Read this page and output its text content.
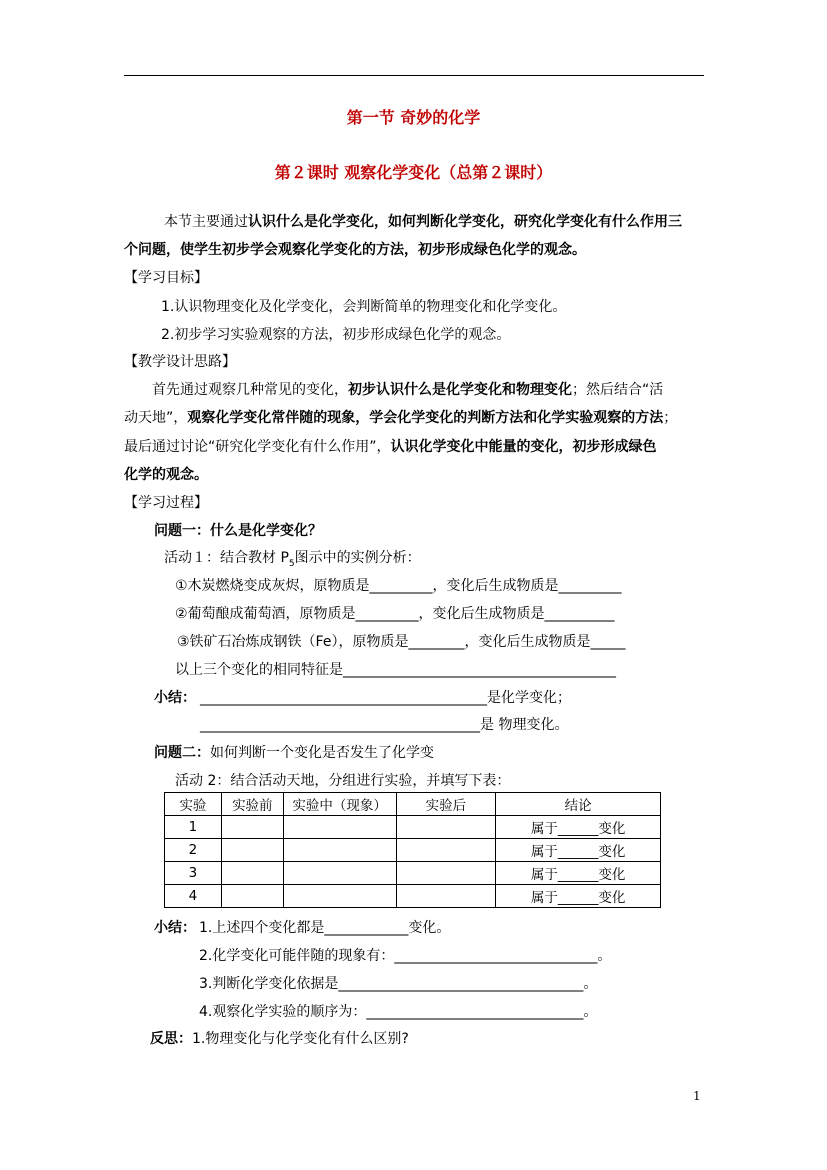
第一节 奇妙的化学
第２课时 观察化学变化（总第２课时）
本节主要通过认识什么是化学变化，如何判断化学变化，研究化学变化有什么作用三
个问题，使学生初步学会观察化学变化的方法，初步形成绿色化学的观念。
【学习目标】
1.认识物理变化及化学变化，会判断简单的物理变化和化学变化。
2.初步学习实验观察的方法，初步形成绿色化学的观念。
【教学设计思路】
首先通过观察几种常见的变化，初步认识什么是化学变化和物理变化；然后结合“活
动天地”，观察化学变化常伴随的现象，学会化学变化的判断方法和化学实验观察的方法；
最后通过讨论“研究化学变化有什么作用”，认识化学变化中能量的变化，初步形成绿色
化学的观念。
【学习过程】
问题一：什么是化学变化？
活动１：结合教材 $P_5$图示中的实例分析：
①木炭燃烧变成灰烬，原物质是_________，变化后生成物质是_________
②葡萄酿成葡萄酒，原物质是_________，变化后生成物质是__________
③铁矿石冶炼成钢铁（Fe），原物质是________，变化后生成物质是_____
以上三个变化的相同特征是_______________________________________
小结： _________________________________________是化学变化；
________________________________________是 物理变化。
问题二：如何判断一个变化是否发生了化学变
活动 2：结合活动天地，分组进行实验，并填写下表：
实验	实验前	实验中（现象）	实验后	结论
1				属于______变化
2				属于______变化
3				属于______变化
4				属于______变化
小结： 1.上述四个变化都是____________变化。
2.化学变化可能伴随的现象有：_____________________________。
3.判断化学变化依据是___________________________________。
4.观察化学实验的顺序为：_______________________________。
反思：1.物理变化与化学变化有什么区别?
1
